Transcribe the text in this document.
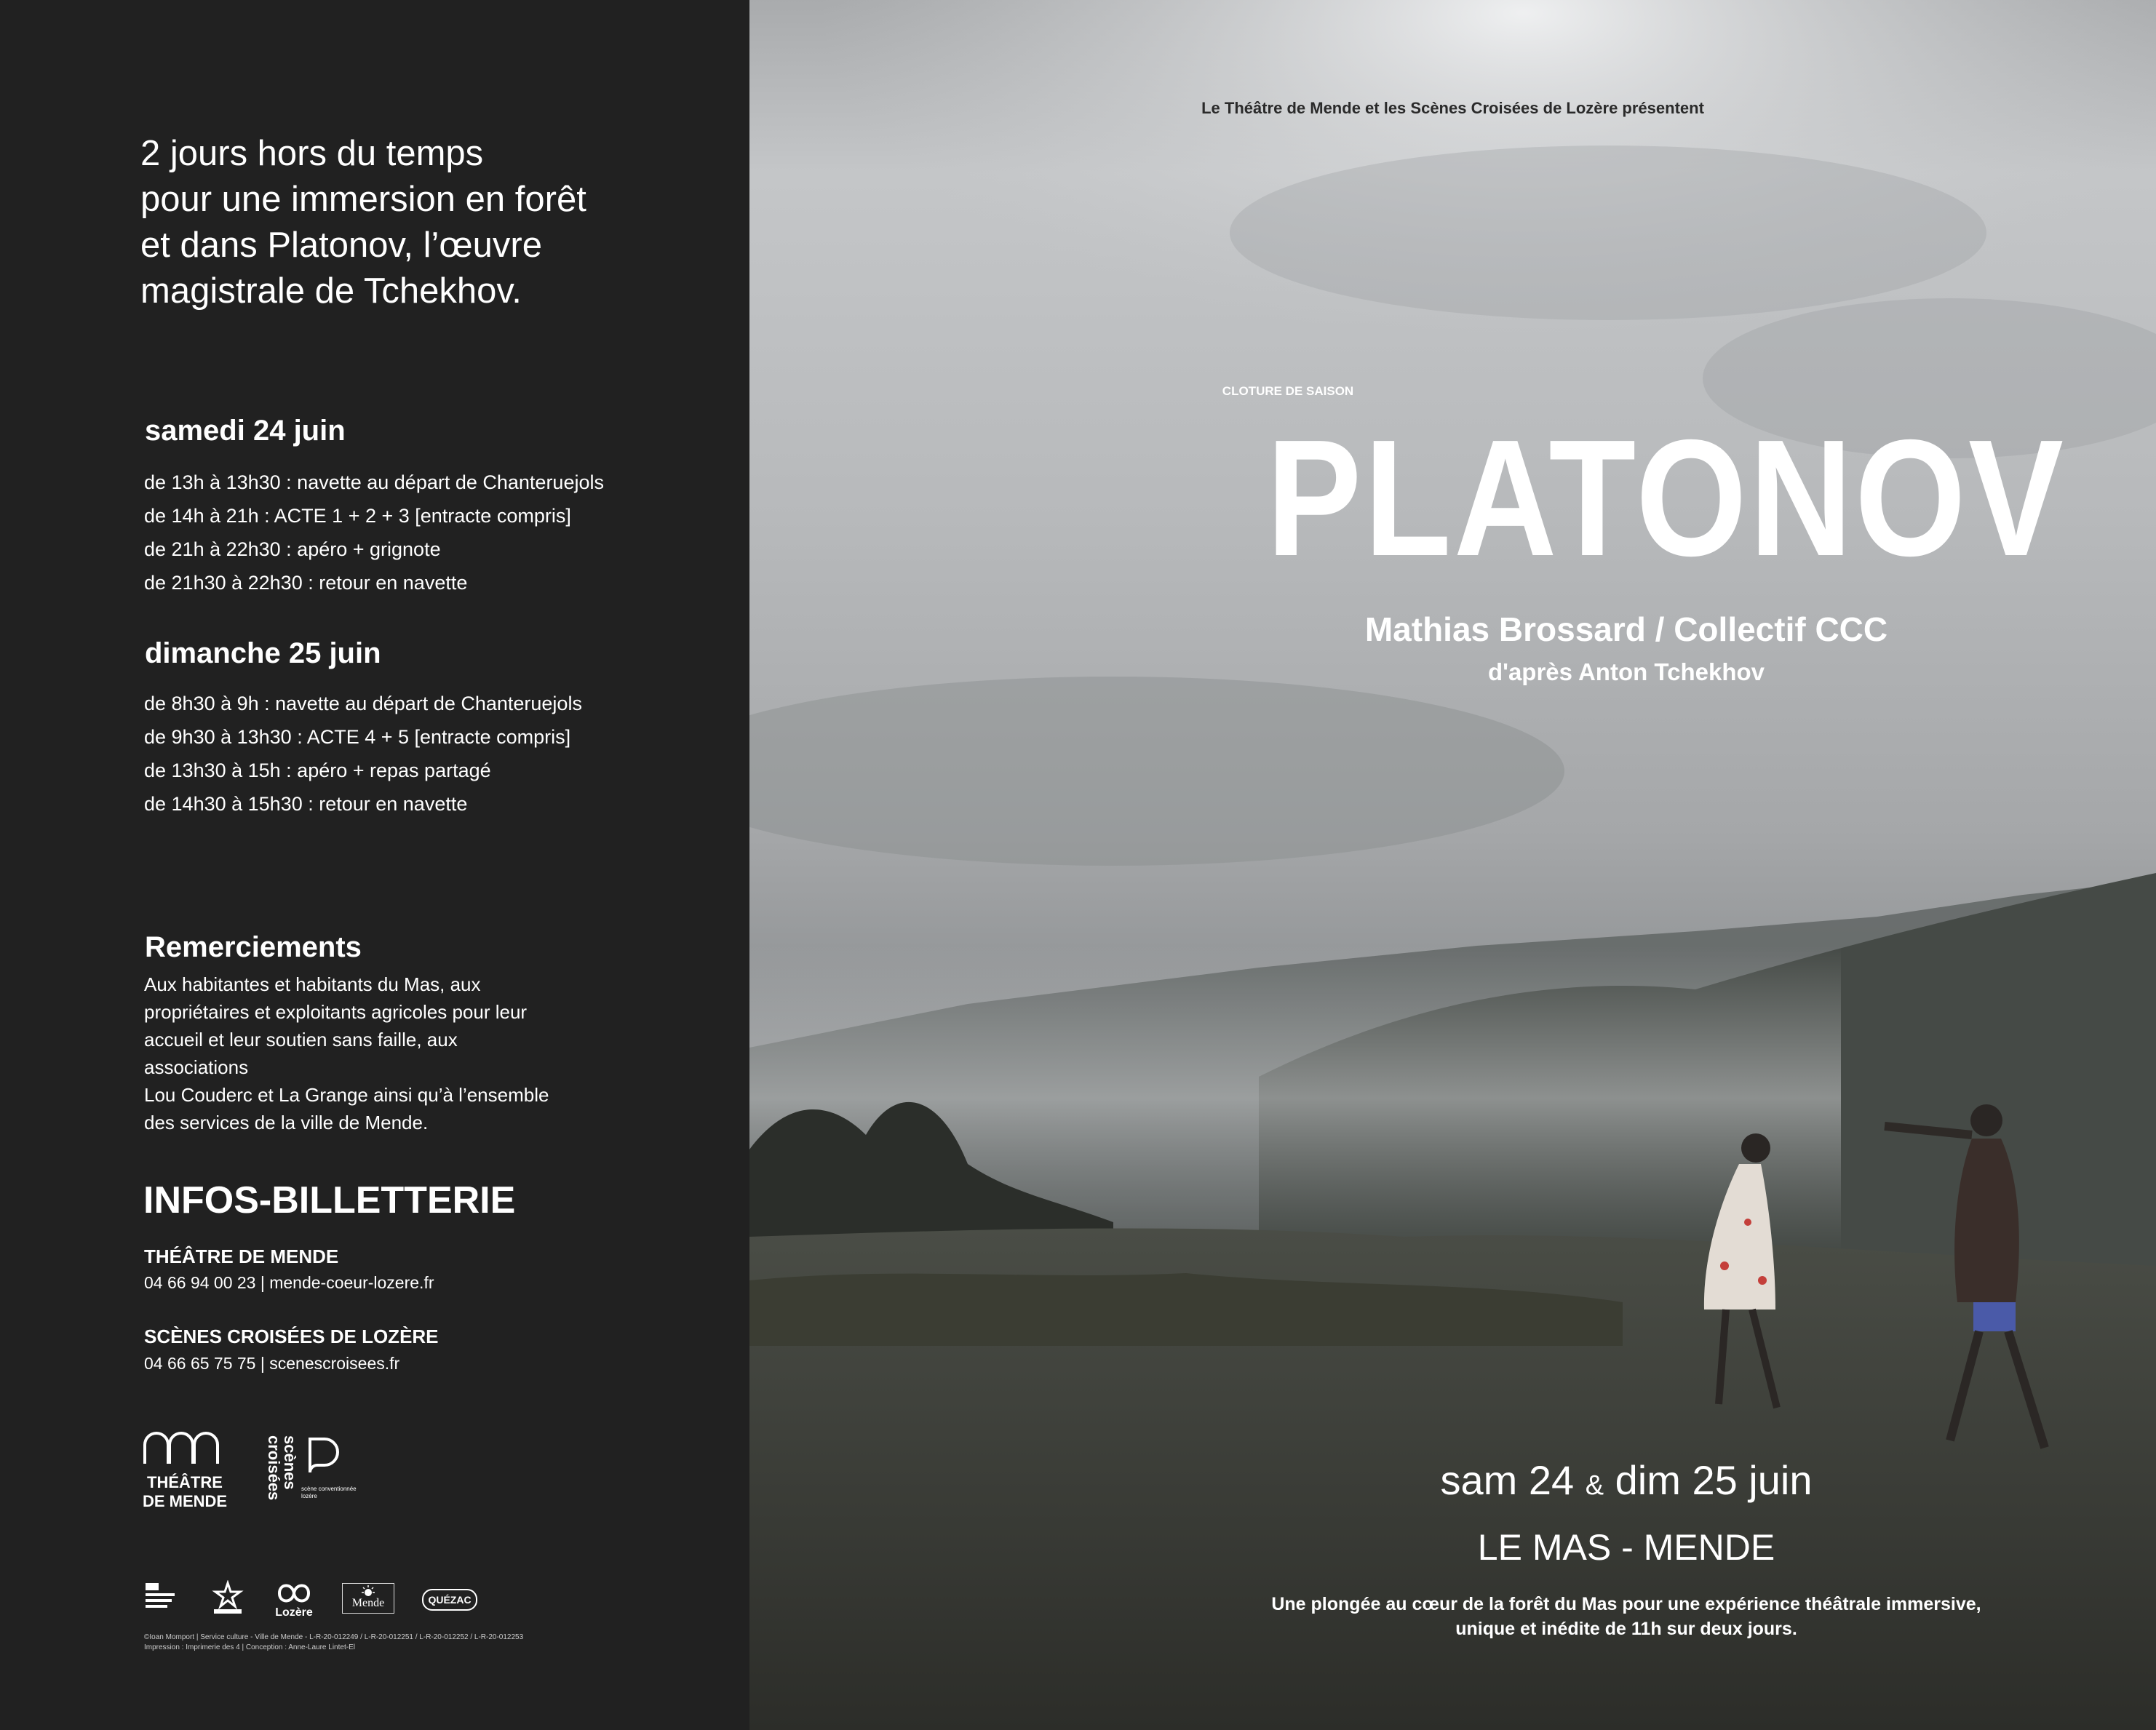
2 jours hors du temps
pour une immersion en forêt
et dans Platonov, l’œuvre
magistrale de Tchekhov.
samedi 24 juin
de 13h à 13h30 : navette au départ de Chanteruejols
de 14h à 21h : ACTE 1 + 2 + 3 [entracte compris]
de 21h à 22h30 : apéro + grignote
de 21h30 à 22h30 : retour en navette
dimanche 25 juin
de 8h30 à 9h : navette au départ de Chanteruejols
de 9h30 à 13h30 : ACTE 4 + 5 [entracte compris]
de 13h30 à 15h : apéro + repas partagé
de 14h30 à 15h30 : retour en navette
Remerciements
Aux habitantes et habitants du Mas, aux
propriétaires et exploitants agricoles pour leur
accueil et leur soutien sans faille, aux associations
Lou Couderc et La Grange ainsi qu’à l’ensemble
des services de la ville de Mende.
INFOS-BILLETTERIE
THÉÂTRE DE MENDE
04 66 94 00 23 | mende-coeur-lozere.fr
SCÈNES CROISÉES DE LOZÈRE
04 66 65 75 75 | scenescroisees.fr
THÉÂTRE
DE MENDE
scènes
croisées	scène conventionnée
lozère
Lozère
Mende	QUÉZAC
©Ioan Momport | Service culture - Ville de Mende - L-R-20-012249 / L-R-20-012251 / L-R-20-012252 / L-R-20-012253
Impression : Imprimerie des 4 | Conception : Anne-Laure Lintet-El
Le Théâtre de Mende et les Scènes Croisées de Lozère présentent
CLOTURE DE SAISON
PLATONOV
Mathias Brossard / Collectif CCC
d'après Anton Tchekhov
sam 24 & dim 25 juin
LE MAS - MENDE
Une plongée au cœur de la forêt du Mas pour une expérience théâtrale immersive,
unique et inédite de 11h sur deux jours.
